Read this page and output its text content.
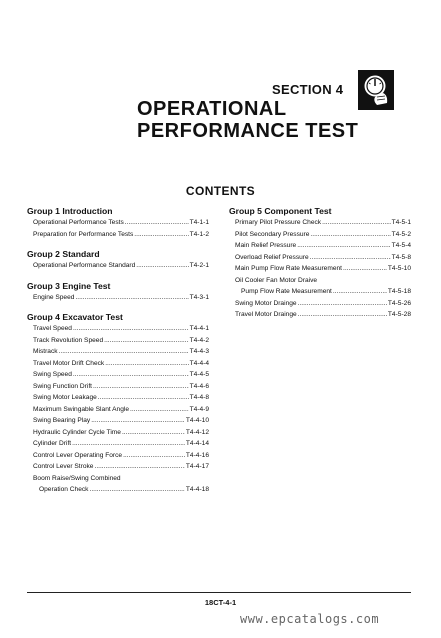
SECTION 4
OPERATIONAL
PERFORMANCE TEST
CONTENTS
Group 1 Introduction
Operational Performance Tests .....	T4-1-1
Preparation for Performance Tests .....	T4-1-2
Group 2 Standard
Operational Performance Standard .....	T4-2-1
Group 3 Engine Test
Engine Speed .....	T4-3-1
Group 4 Excavator Test
Travel Speed .....	T4-4-1
Track Revolution Speed .....	T4-4-2
Mistrack .....	T4-4-3
Travel Motor Drift Check .....	T4-4-4
Swing Speed .....	T4-4-5
Swing Function Drift .....	T4-4-6
Swing Motor Leakage .....	T4-4-8
Maximum Swingable Slant Angle .....	T4-4-9
Swing Bearing Play .....	T4-4-10
Hydraulic Cylinder Cycle Time .....	T4-4-12
Cylinder Drift .....	T4-4-14
Control Lever Operating Force .....	T4-4-16
Control Lever Stroke .....	T4-4-17
Boom Raise/Swing Combined
Operation Check .....	T4-4-18
Group 5 Component Test
Primary Pilot Pressure Check .....	T4-5-1
Pilot Secondary Pressure .....	T4-5-2
Main Relief Pressure .....	T4-5-4
Overload Relief Pressure .....	T4-5-8
Main Pump Flow Rate Measurement .....	T4-5-10
Oil Cooler Fan Motor Draive
Pump Flow Rate Measurement .....	T4-5-18
Swing Motor Drainge .....	T4-5-26
Travel Motor Drainge .....	T4-5-28
18CT-4-1
www.epcatalogs.com
